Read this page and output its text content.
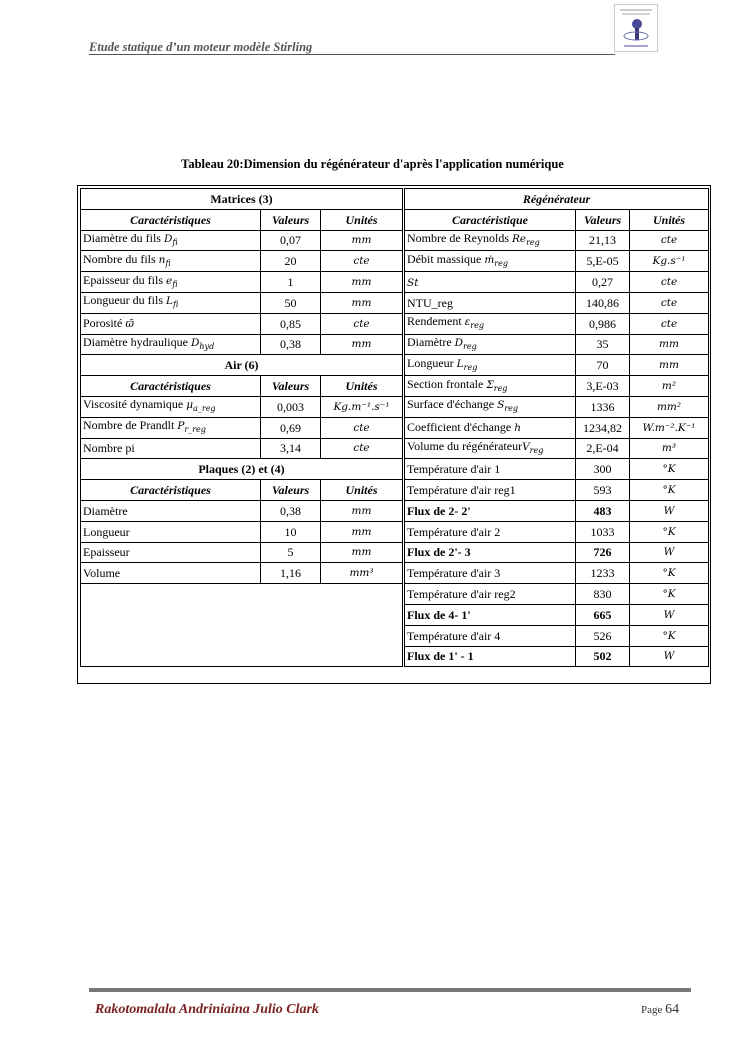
Etude statique d’un moteur modèle Stirling
Tableau 20:Dimension du régénérateur d'après l'application numérique
Matrices (3)			Régénérateur		
Caractéristiques	Valeurs	Unités	Caractéristique	Valeurs	Unités
Diamètre du fils $D_{fi}$	0,07	mm	Nombre de Reynolds $Re_{reg}$	21,13	cte
Nombre du fils $n_{fi}$	20	cte	Débit massique ṁ$_{reg}$	5,E-05	Kg.s⁻¹
Epaisseur du fils $e_{fi}$	1	mm	St	0,27	cte
Longueur du fils $L_{fi}$	50	mm	NTU_reg	140,86	cte
Porosité ϖ̄	0,85	cte	Rendement $\varepsilon_{reg}$	0,986	cte
Diamètre hydraulique $D_{hyd}$	0,38	mm	Diamètre $D_{reg}$	35	mm
Air (6)			Longueur $L_{reg}$	70	mm
Caractéristiques	Valeurs	Unités	Section frontale $\Sigma_{reg}$	3,E-03	m²
Viscosité dynamique $\mu_{a\_reg}$	0,003	Kg.m⁻¹.s⁻¹	Surface d'échange $S_{reg}$	1336	mm²
Nombre de Prandlt $P_{r\_reg}$	0,69	cte	Coefficient d'échange h	1234,82	W.m⁻².K⁻¹
Nombre pi	3,14	cte	Volume du régénérateurV$_{reg}$	2,E-04	m³
Plaques (2) et (4)			Température d'air 1	300	°K
Caractéristiques	Valeurs	Unités	Température d'air reg1	593	°K
Diamètre	0,38	mm	Flux de 2- 2'	483	W
Longueur	10	mm	Température d'air 2	1033	°K
Epaisseur	5	mm	Flux de 2'- 3	726	W
Volume	1,16	mm³	Température d'air 3	1233	°K
			Température d'air reg2	830	°K
			Flux de 4- 1'	665	W
			Température d'air 4	526	°K
			Flux de 1' - 1	502	W
Rakotomalala Andriniaina Julio Clark	Page 64
